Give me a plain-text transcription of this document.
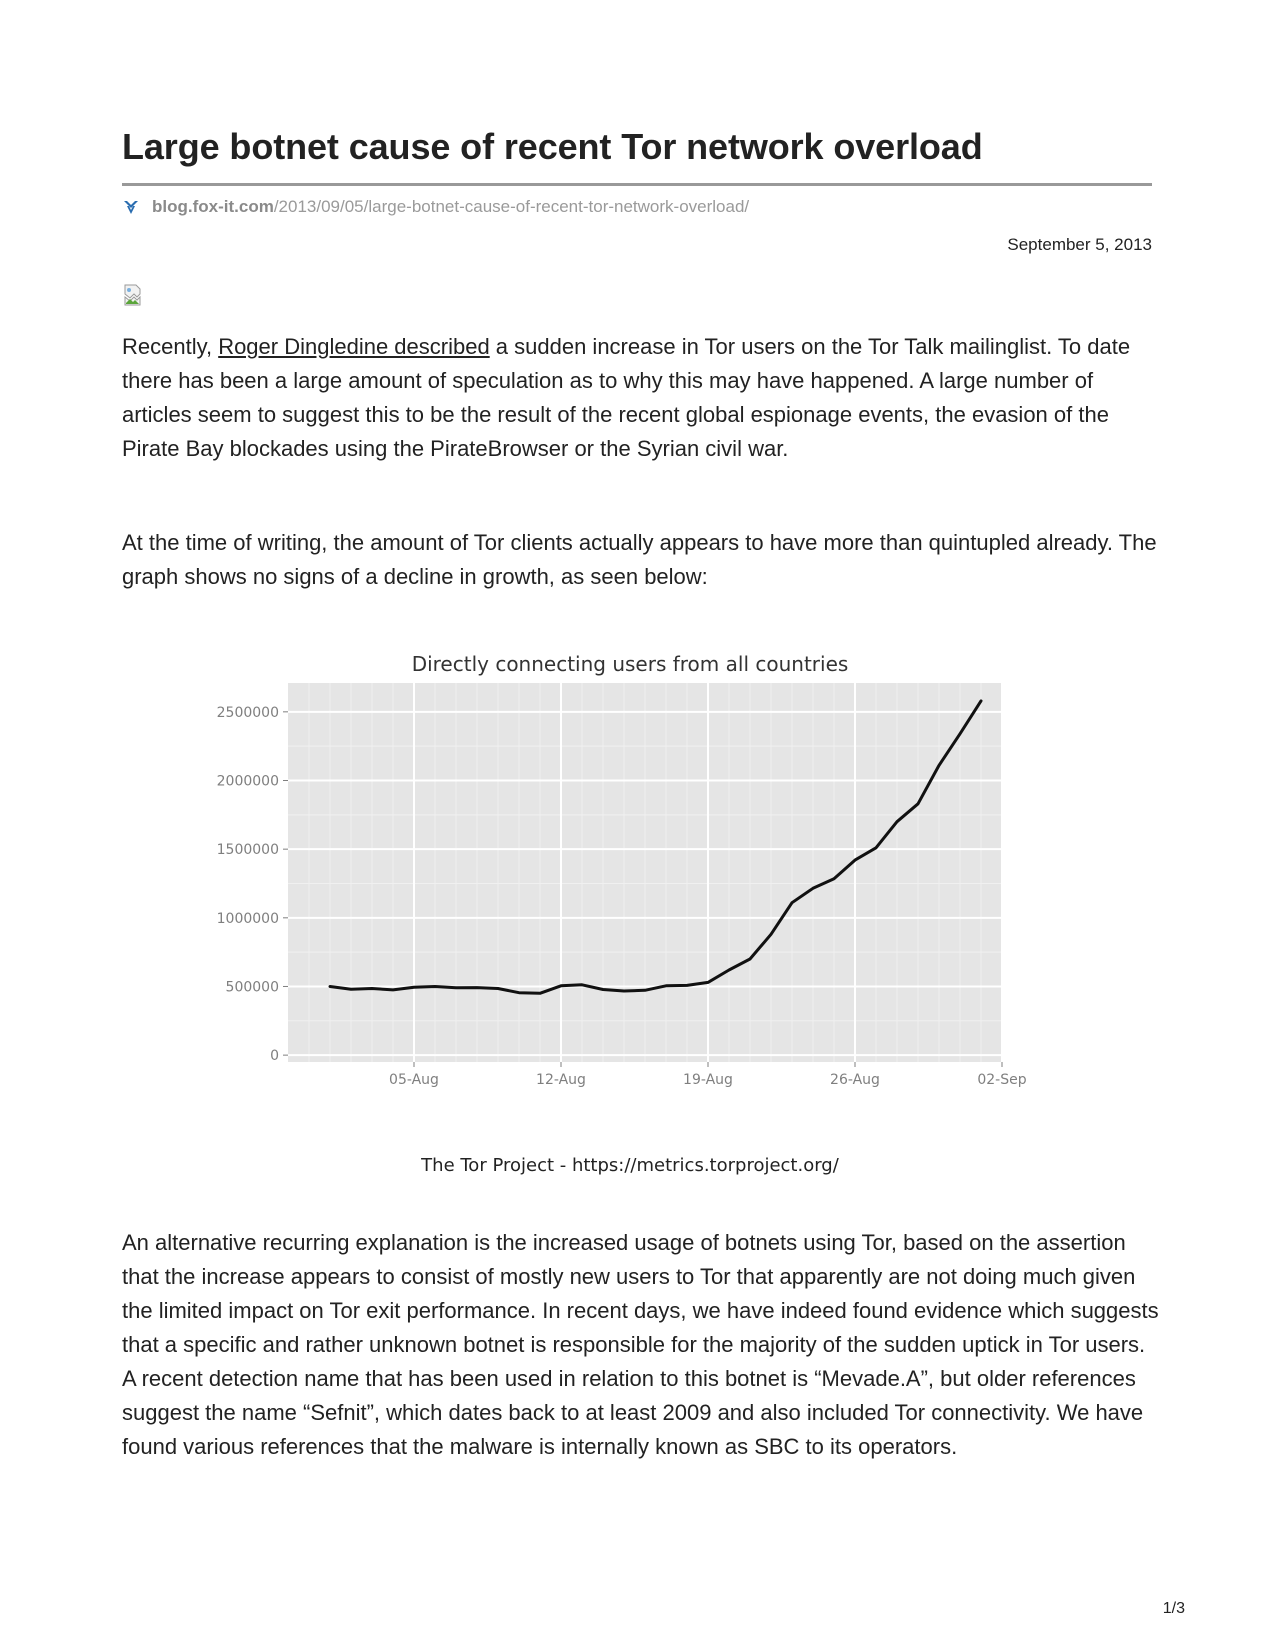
Large botnet cause of recent Tor network overload
blog.fox-it.com /2013/09/05/large-botnet-cause-of-recent-tor-network-overload/
September 5, 2013

Recently, Roger Dingledine described a sudden increase in Tor users on the Tor Talk mailinglist. To date there has been a large amount of speculation as to why this may have happened. A large number of articles seem to suggest this to be the result of the recent global espionage events, the evasion of the Pirate Bay blockades using the PirateBrowser or the Syrian civil war.

At the time of writing, the amount of Tor clients actually appears to have more than quintupled already. The graph shows no signs of a decline in growth, as seen below:

0
500000
1000000
1500000
2000000
2500000
05-Aug	12-Aug	19-Aug	26-Aug	02-Sep
Directly connecting users from all countries
The Tor Project - https://metrics.torproject.org/

An alternative recurring explanation is the increased usage of botnets using Tor, based on the assertion that the increase appears to consist of mostly new users to Tor that apparently are not doing much given the limited impact on Tor exit performance. In recent days, we have indeed found evidence which suggests that a specific and rather unknown botnet is responsible for the majority of the sudden uptick in Tor users. A recent detection name that has been used in relation to this botnet is “Mevade.A”, but older references suggest the name “Sefnit”, which dates back to at least 2009 and also included Tor connectivity. We have found various references that the malware is internally known as SBC to its operators.

1/3
